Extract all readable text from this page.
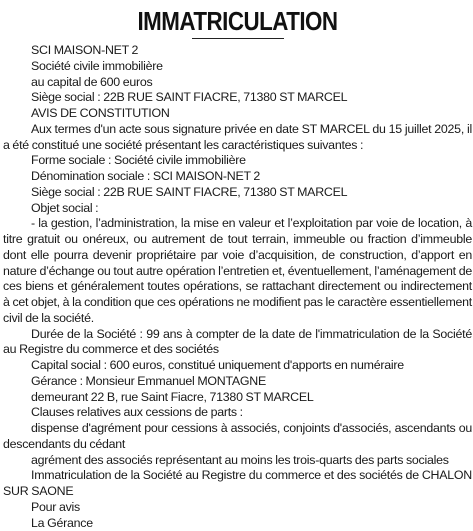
IMMATRICULATION
SCI MAISON-NET 2
Société civile immobilière
au capital de 600 euros
Siège social : 22B RUE SAINT FIACRE, 71380 ST MARCEL
AVIS DE CONSTITUTION

Aux termes d'un acte sous signature privée en date ST MARCEL du 15 juillet 2025, il a été constitué une société présentant les caractéristiques suivantes :

Forme sociale : Société civile immobilière
Dénomination sociale : SCI MAISON-NET 2
Siège social : 22B RUE SAINT FIACRE, 71380 ST MARCEL
Objet social :

- la gestion, l’administration, la mise en valeur et l’exploitation par voie de location, à titre gratuit ou onéreux, ou autrement de tout terrain, immeuble ou fraction d’immeuble dont elle pourra devenir propriétaire par voie d’acquisition, de construction, d’apport en nature d’échange ou tout autre opération l’entretien et, éventuellement, l’aménagement de ces biens et généralement toutes opérations, se rattachant directement ou indirectement à cet objet, à la condition que ces opérations ne modifient pas le caractère essentiellement civil de la société.

Durée de la Société : 99 ans à compter de la date de l'immatriculation de la Société au Registre du commerce et des sociétés

Capital social : 600 euros, constitué uniquement d'apports en numéraire
Gérance : Monsieur Emmanuel MONTAGNE
demeurant 22 B, rue Saint Fiacre, 71380 ST MARCEL
Clauses relatives aux cessions de parts :

dispense d'agrément pour cessions à associés, conjoints d'associés, ascendants ou descendants du cédant

agrément des associés représentant au moins les trois-quarts des parts sociales

Immatriculation de la Société au Registre du commerce et des sociétés de CHALON SUR SAONE

Pour avis
La Gérance
